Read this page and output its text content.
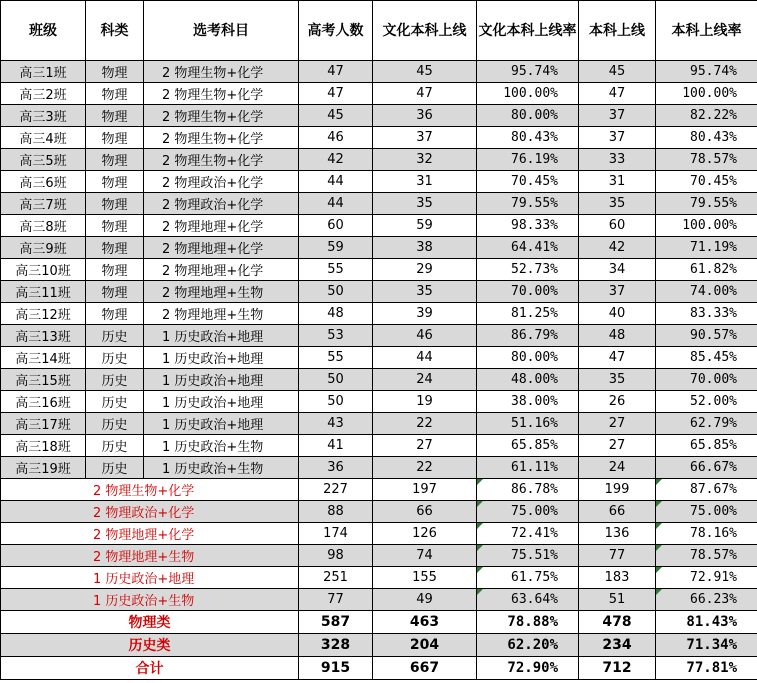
班级	科类	选考科目	高考人数	文化本科上线	文化本科上线率	本科上线	本科上线率
高三1班	物理	2 物理生物+化学	47	45	95.74%	45	95.74%
高三2班	物理	2 物理生物+化学	47	47	100.00%	47	100.00%
高三3班	物理	2 物理生物+化学	45	36	80.00%	37	82.22%
高三4班	物理	2 物理生物+化学	46	37	80.43%	37	80.43%
高三5班	物理	2 物理生物+化学	42	32	76.19%	33	78.57%
高三6班	物理	2 物理政治+化学	44	31	70.45%	31	70.45%
高三7班	物理	2 物理政治+化学	44	35	79.55%	35	79.55%
高三8班	物理	2 物理地理+化学	60	59	98.33%	60	100.00%
高三9班	物理	2 物理地理+化学	59	38	64.41%	42	71.19%
高三10班	物理	2 物理地理+化学	55	29	52.73%	34	61.82%
高三11班	物理	2 物理地理+生物	50	35	70.00%	37	74.00%
高三12班	物理	2 物理地理+生物	48	39	81.25%	40	83.33%
高三13班	历史	1 历史政治+地理	53	46	86.79%	48	90.57%
高三14班	历史	1 历史政治+地理	55	44	80.00%	47	85.45%
高三15班	历史	1 历史政治+地理	50	24	48.00%	35	70.00%
高三16班	历史	1 历史政治+地理	50	19	38.00%	26	52.00%
高三17班	历史	1 历史政治+地理	43	22	51.16%	27	62.79%
高三18班	历史	1 历史政治+生物	41	27	65.85%	27	65.85%
高三19班	历史	1 历史政治+生物	36	22	61.11%	24	66.67%
2 物理生物+化学			227	197	86.78%	199	87.67%
2 物理政治+化学			88	66	75.00%	66	75.00%
2 物理地理+化学			174	126	72.41%	136	78.16%
2 物理地理+生物			98	74	75.51%	77	78.57%
1 历史政治+地理			251	155	61.75%	183	72.91%
1 历史政治+生物			77	49	63.64%	51	66.23%
物理类			587	463	78.88%	478	81.43%
历史类			328	204	62.20%	234	71.34%
合计			915	667	72.90%	712	77.81%
